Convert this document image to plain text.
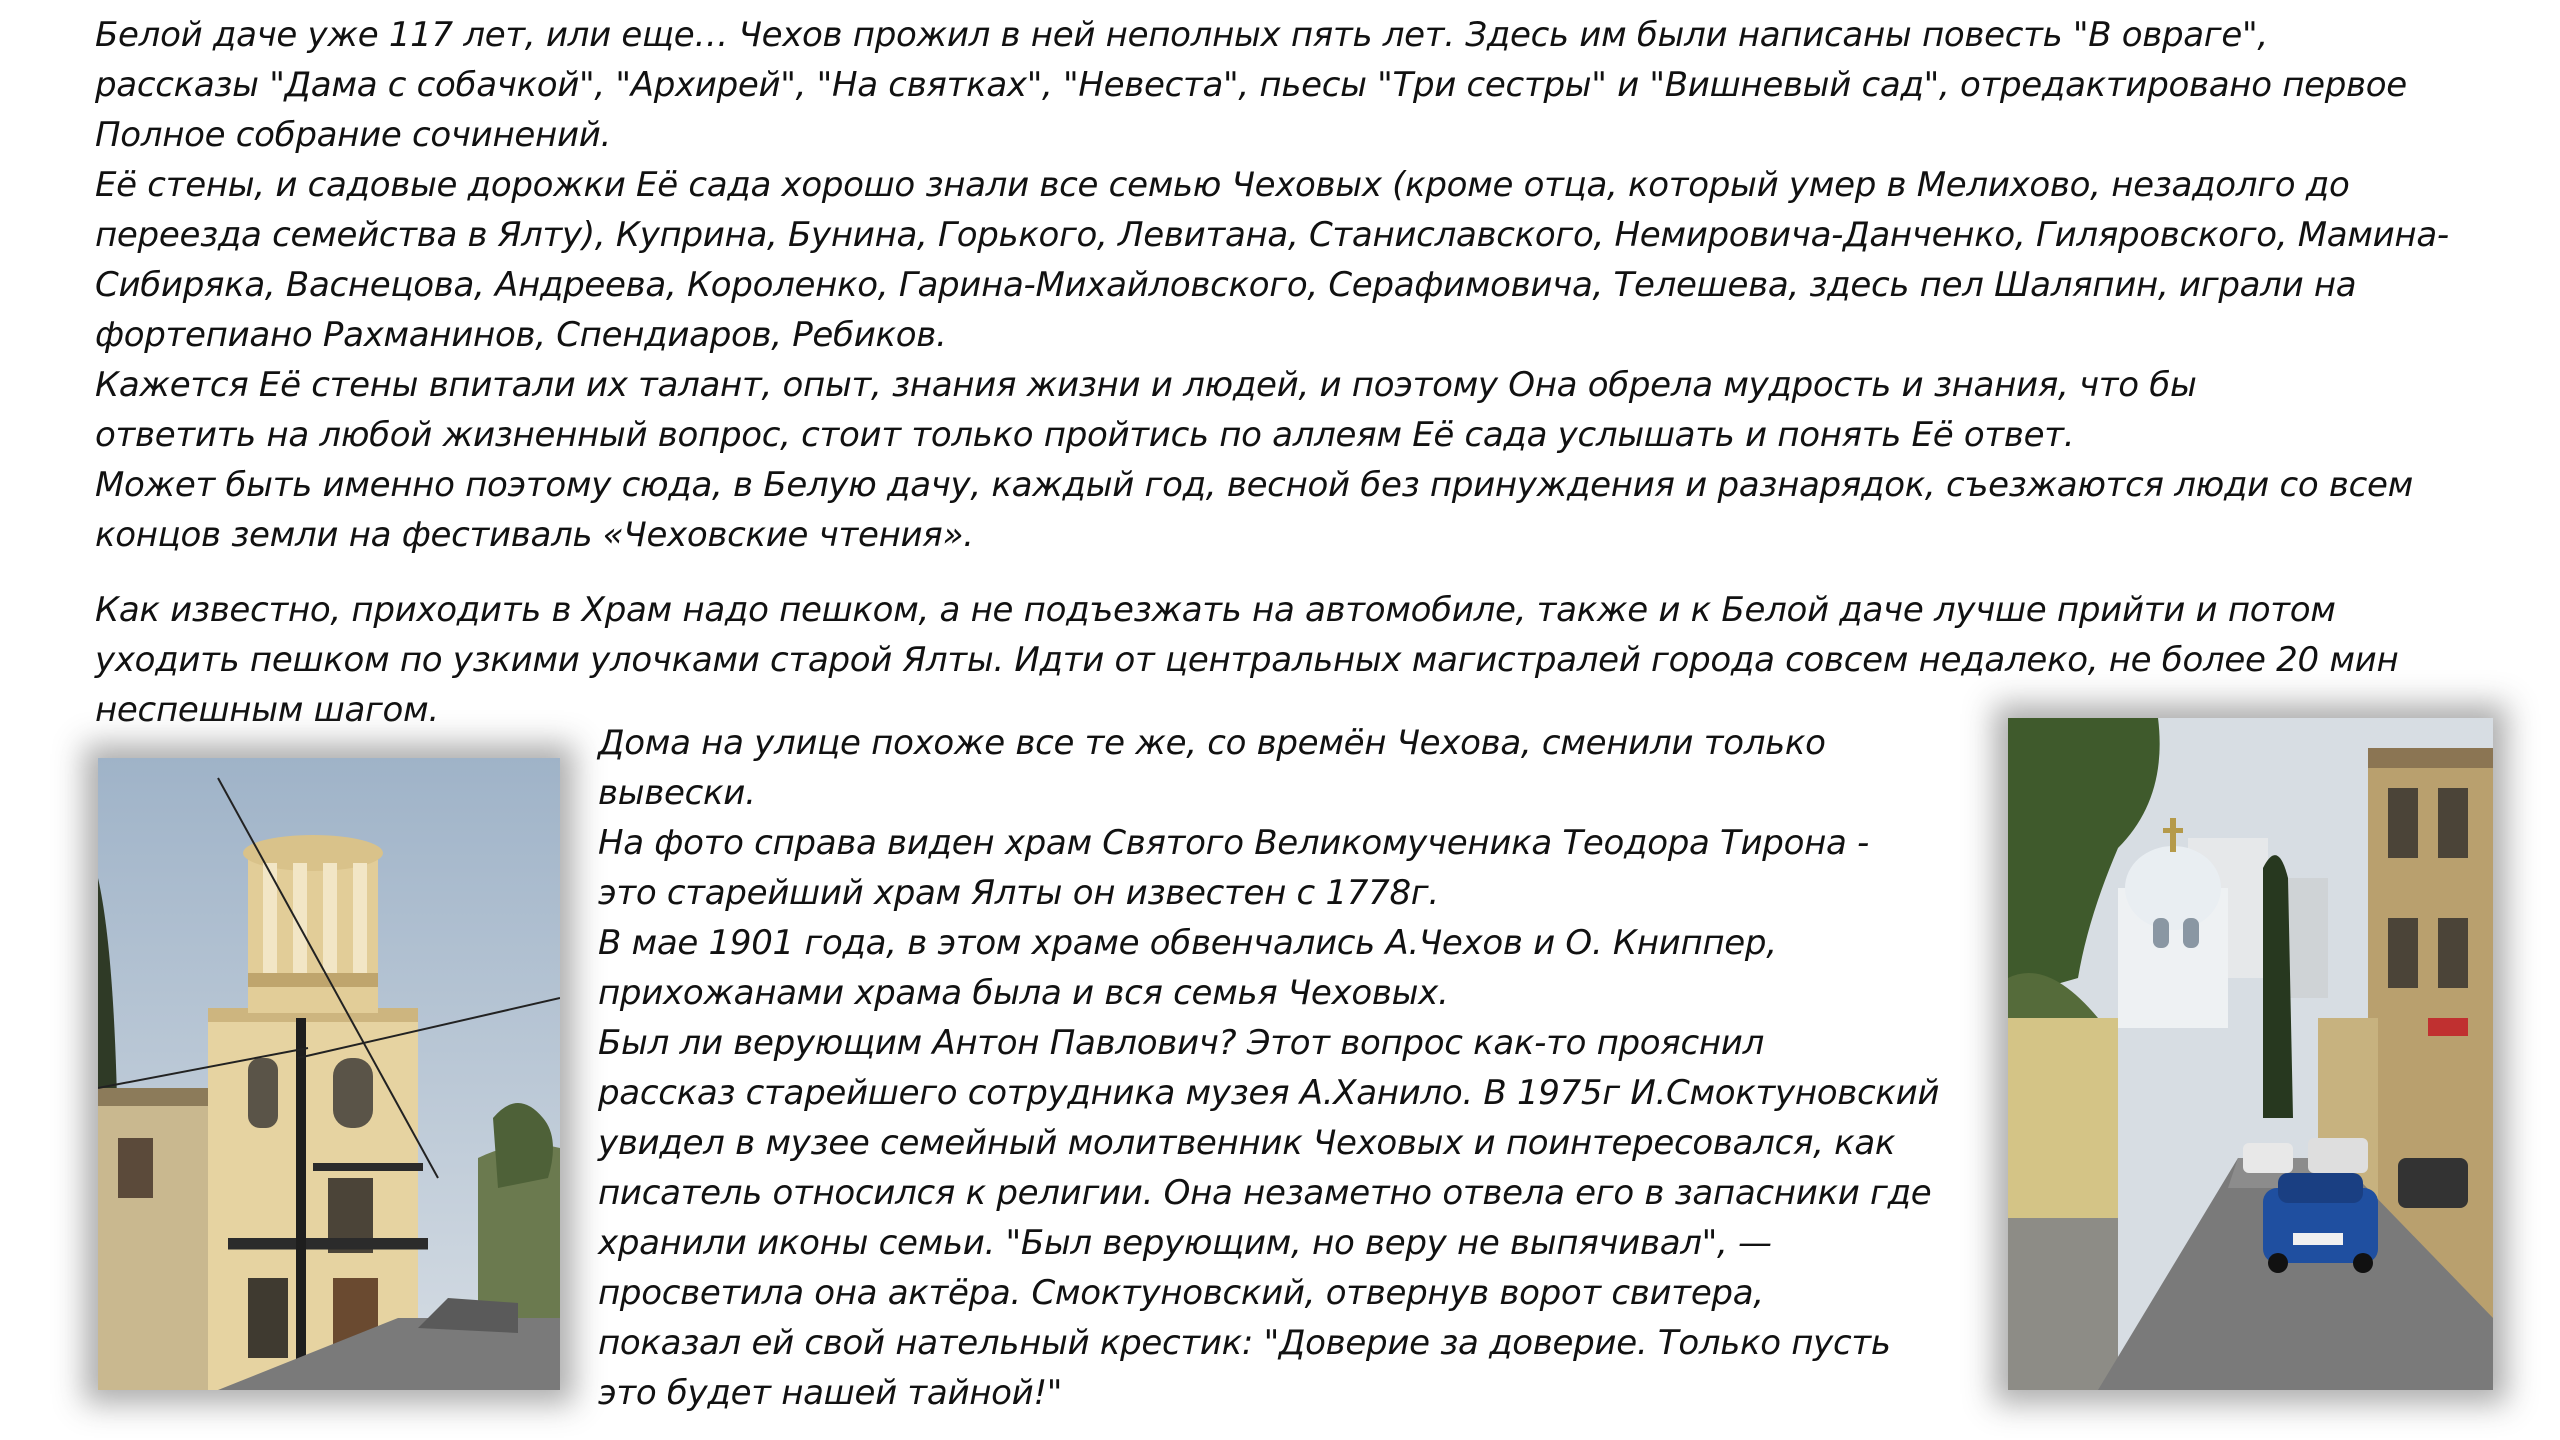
Белой даче уже 117 лет, или еще… Чехов прожил в ней неполных пять лет. Здесь им были написаны повесть "В овраге",
рассказы "Дама с собачкой", "Архирей", "На святках", "Невеста", пьесы "Три сестры" и "Вишневый сад", отредактировано первое
Полное собрание сочинений.
Её стены, и садовые дорожки Её сада хорошо знали все семью Чеховых (кроме отца, который умер в Мелихово, незадолго до
переезда семейства в Ялту), Куприна, Бунина, Горького, Левитана, Станиславского, Немировича-Данченко, Гиляровского, Мамина-
Сибиряка, Васнецова, Андреева, Короленко, Гарина-Михайловского, Серафимовича, Телешева, здесь пел Шаляпин, играли на
фортепиано Рахманинов, Спендиаров, Ребиков.
Кажется Её стены впитали их талант, опыт, знания жизни и людей, и поэтому Она обрела мудрость и знания, что бы
ответить на любой жизненный вопрос, стоит только пройтись по аллеям Её сада услышать и понять Её ответ.
Может быть именно поэтому сюда, в Белую дачу, каждый год, весной без принуждения и разнарядок, съезжаются люди со всем
концов земли на фестиваль «Чеховские чтения».

Как известно, приходить в Храм надо пешком, а не подъезжать на автомобиле, также и к Белой даче лучше прийти и потом
уходить пешком по узкими улочками старой Ялты. Идти от центральных магистралей города совсем недалеко, не более 20 мин
неспешным шагом.

Дома на улице похоже все те же, со времён Чехова, сменили только
вывески.
На фото справа виден храм Святого Великомученика Теодора Тирона -
это старейший храм Ялты он известен с 1778г.
В мае 1901 года, в этом храме обвенчались А.Чехов и О. Книппер,
прихожанами храма была и вся семья Чеховых.
Был ли верующим Антон Павлович? Этот вопрос как-то прояснил
рассказ старейшего сотрудника музея А.Ханило. В 1975г И.Смоктуновский
увидел в музее семейный молитвенник Чеховых и поинтересовался, как
писатель относился к религии. Она незаметно отвела его в запасники где
хранили иконы семьи. "Был верующим, но веру не выпячивал", —
просветила она актёра. Смоктуновский, отвернув ворот свитера,
показал ей свой нательный крестик: "Доверие за доверие. Только пусть
это будет нашей тайной!"
